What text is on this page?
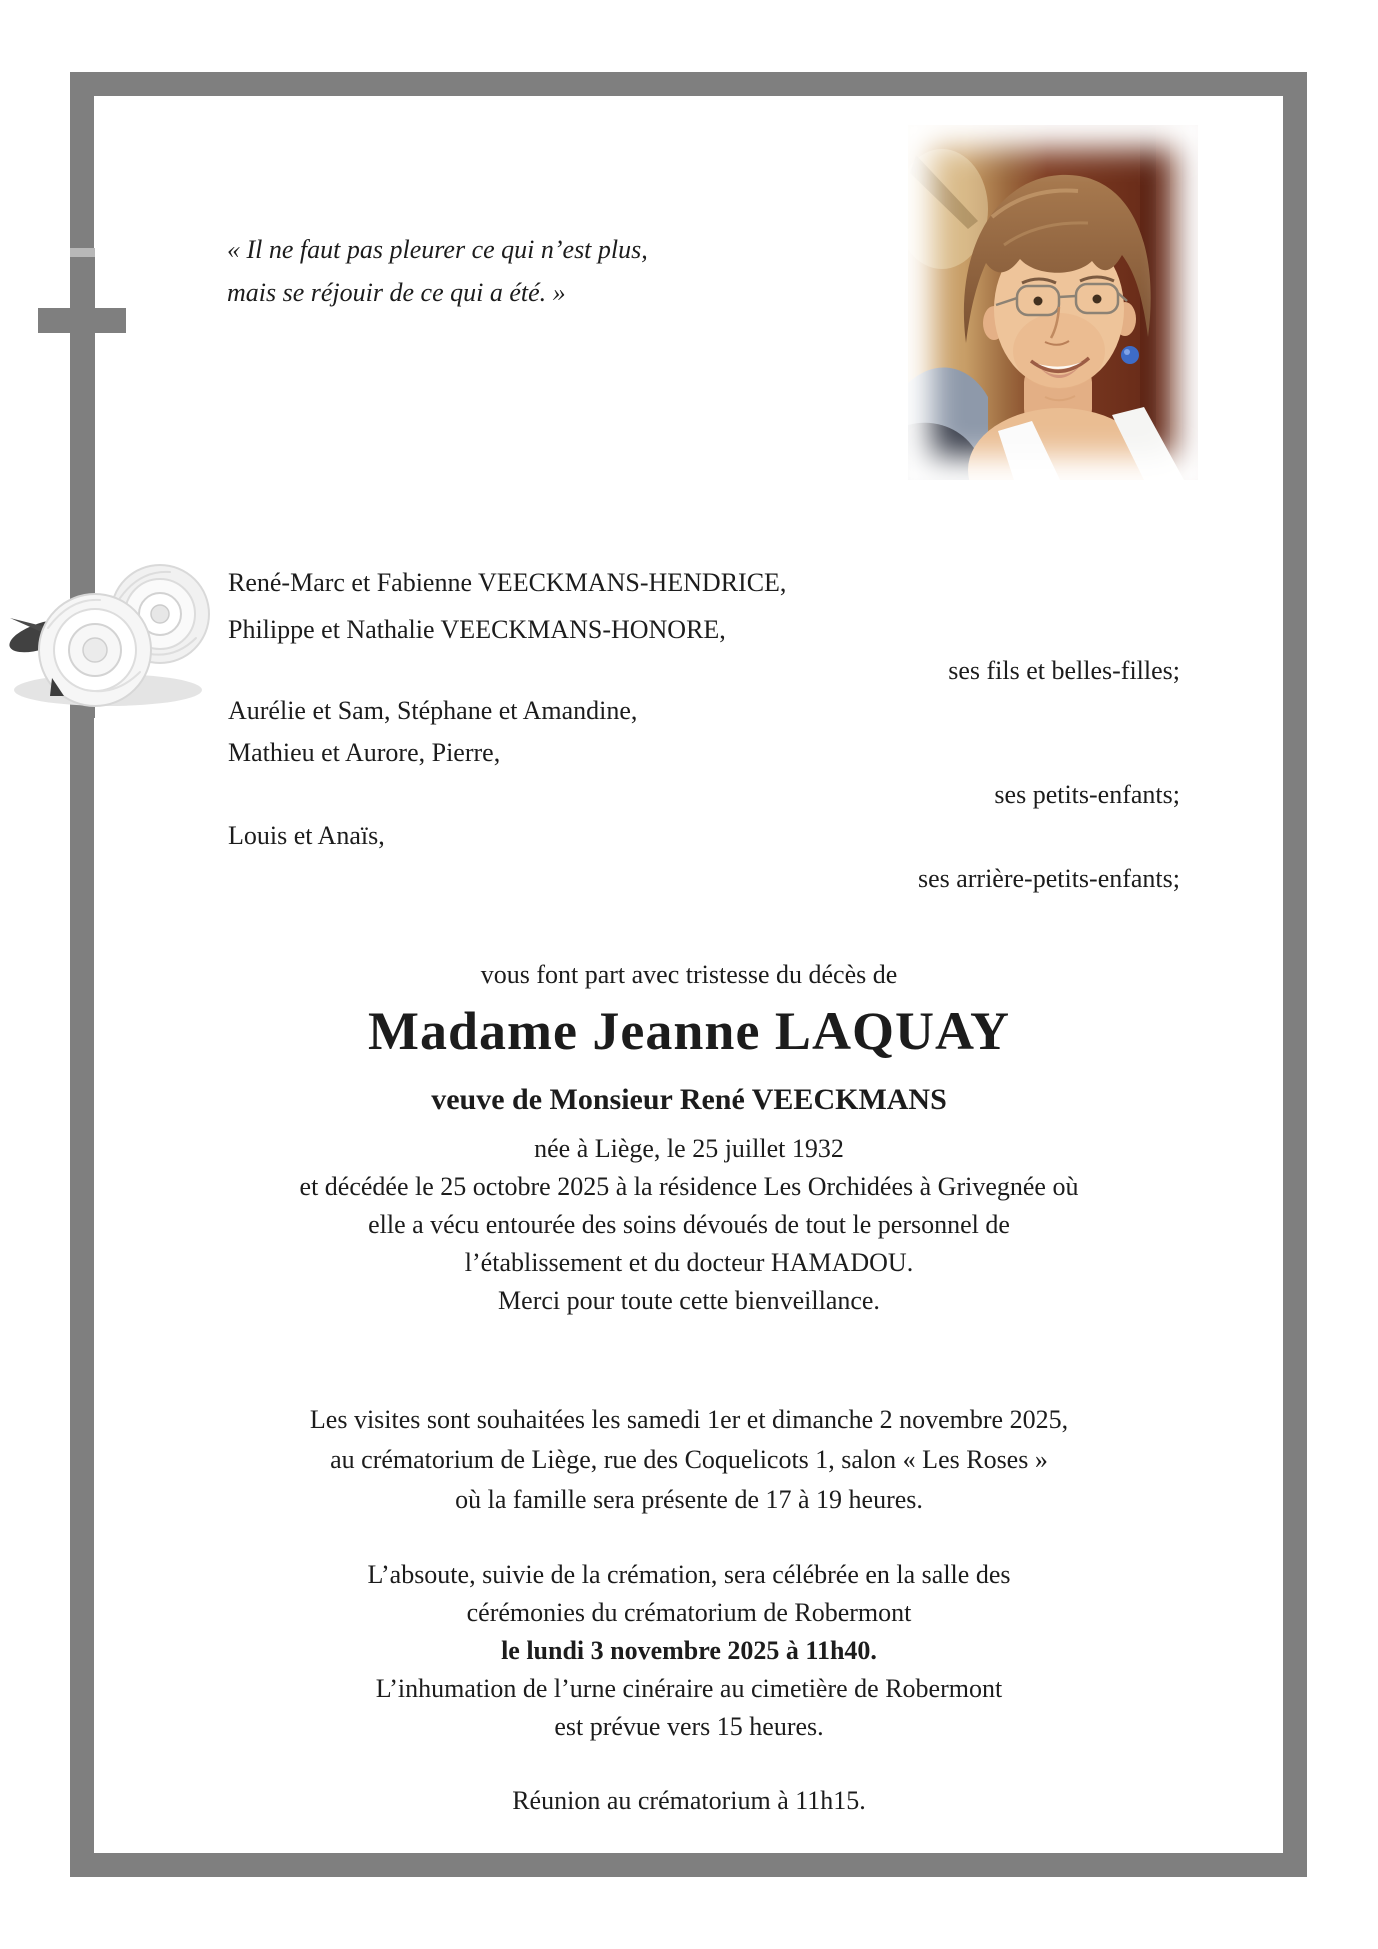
« Il ne faut pas pleurer ce qui n’est plus,
mais se réjouir de ce qui a été. »
René-Marc et Fabienne VEECKMANS-HENDRICE,
Philippe et Nathalie VEECKMANS-HONORE,
ses fils et belles-filles;
Aurélie et Sam, Stéphane et Amandine,
Mathieu et Aurore, Pierre,
ses petits-enfants;
Louis et Anaïs,
ses arrière-petits-enfants;
vous font part avec tristesse du décès de
Madame Jeanne LAQUAY
veuve de Monsieur René VEECKMANS
née à Liège, le 25 juillet 1932
et décédée le 25 octobre 2025 à la résidence Les Orchidées à Grivegnée où
elle a vécu entourée des soins dévoués de tout le personnel de
l’établissement et du docteur HAMADOU.
Merci pour toute cette bienveillance.
Les visites sont souhaitées les samedi 1er et dimanche 2 novembre 2025,
au crématorium de Liège, rue des Coquelicots 1, salon « Les Roses »
où la famille sera présente de 17 à 19 heures.
L’absoute, suivie de la crémation, sera célébrée en la salle des
cérémonies du crématorium de Robermont
le lundi 3 novembre 2025 à 11h40.
L’inhumation de l’urne cinéraire au cimetière de Robermont
est prévue vers 15 heures.
Réunion au crématorium à 11h15.
